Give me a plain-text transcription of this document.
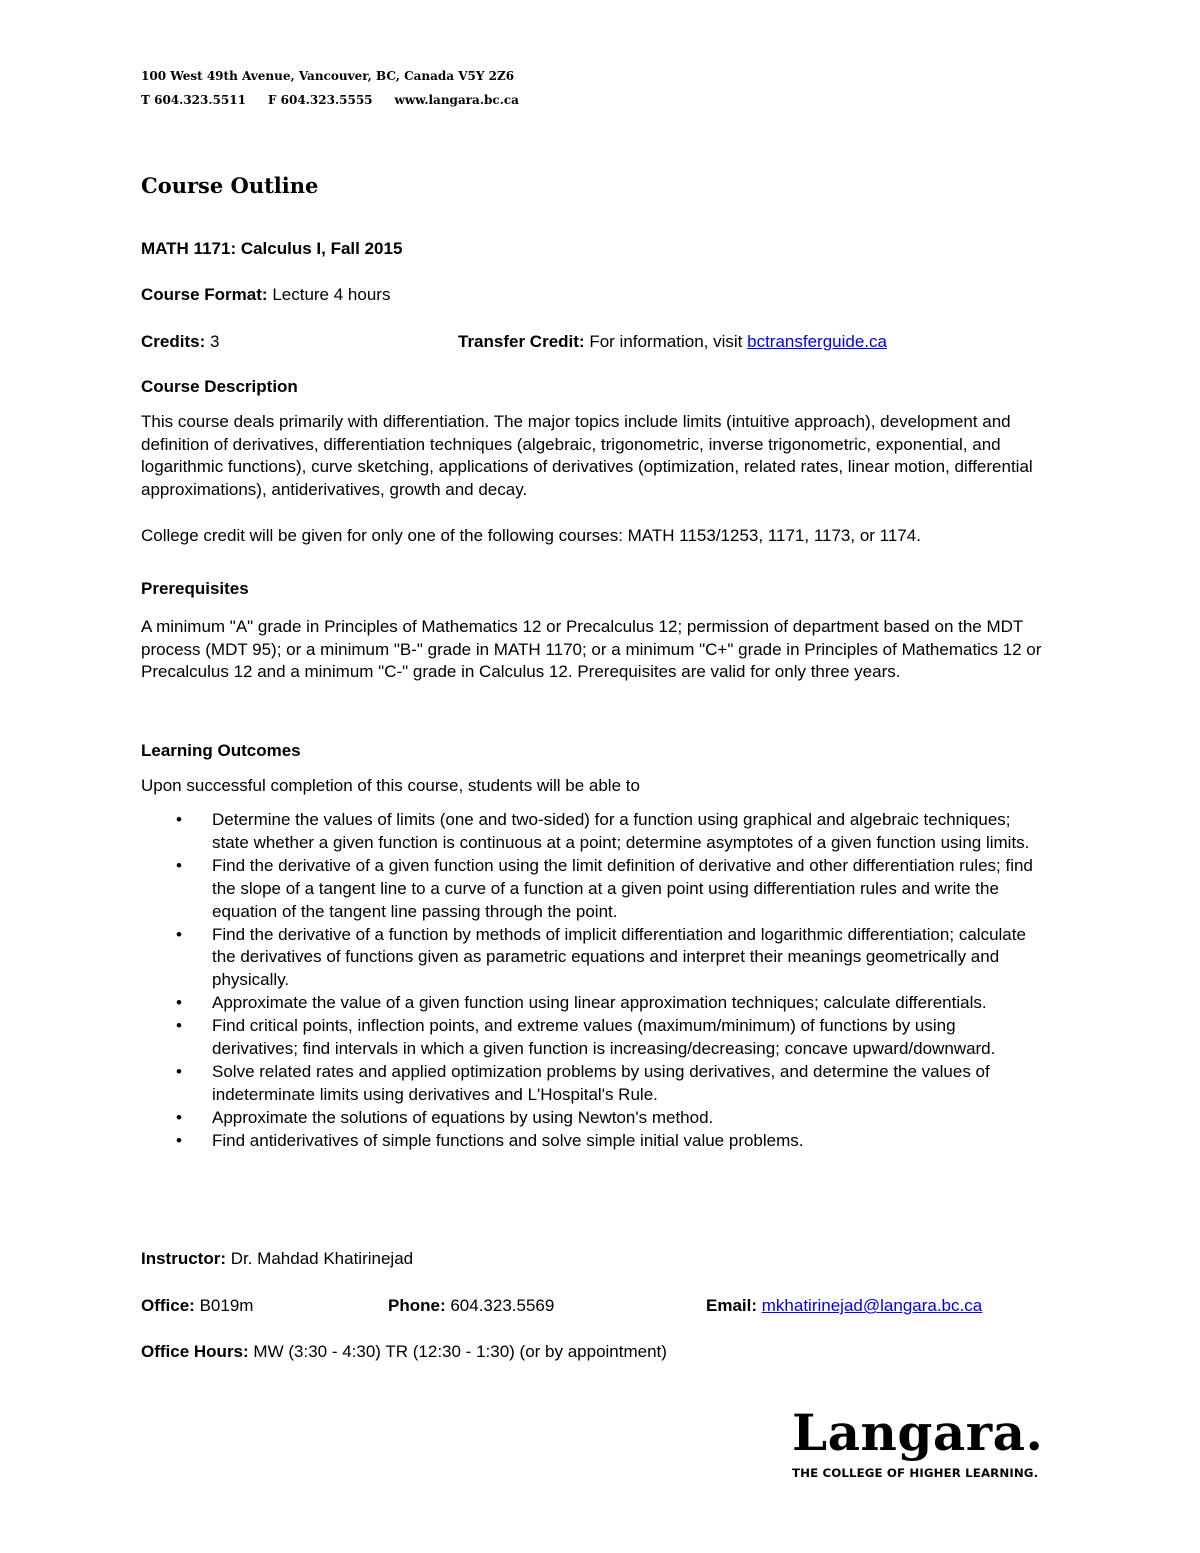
100 West 49th Avenue, Vancouver, BC, Canada V5Y 2Z6
T 604.323.5511 F 604.323.5555 www.langara.bc.ca
Course Outline
MATH 1171: Calculus I, Fall 2015
Course Format: Lecture 4 hours
Credits: 3	Transfer Credit: For information, visit bctransferguide.ca
Course Description
This course deals primarily with differentiation. The major topics include limits (intuitive approach), development and definition of derivatives, differentiation techniques (algebraic, trigonometric, inverse trigonometric, exponential, and logarithmic functions), curve sketching, applications of derivatives (optimization, related rates, linear motion, differential approximations), antiderivatives, growth and decay.
College credit will be given for only one of the following courses: MATH 1153/1253, 1171, 1173, or 1174.
Prerequisites
A minimum "A" grade in Principles of Mathematics 12 or Precalculus 12; permission of department based on the MDT process (MDT 95); or a minimum "B-" grade in MATH 1170; or a minimum "C+" grade in Principles of Mathematics 12 or Precalculus 12 and a minimum "C-" grade in Calculus 12. Prerequisites are valid for only three years.
Learning Outcomes
Upon successful completion of this course, students will be able to
• Determine the values of limits (one and two-sided) for a function using graphical and algebraic techniques; state whether a given function is continuous at a point; determine asymptotes of a given function using limits.
• Find the derivative of a given function using the limit definition of derivative and other differentiation rules; find the slope of a tangent line to a curve of a function at a given point using differentiation rules and write the equation of the tangent line passing through the point.
• Find the derivative of a function by methods of implicit differentiation and logarithmic differentiation; calculate the derivatives of functions given as parametric equations and interpret their meanings geometrically and physically.
• Approximate the value of a given function using linear approximation techniques; calculate differentials.
• Find critical points, inflection points, and extreme values (maximum/minimum) of functions by using derivatives; find intervals in which a given function is increasing/decreasing; concave upward/downward.
• Solve related rates and applied optimization problems by using derivatives, and determine the values of indeterminate limits using derivatives and L'Hospital's Rule.
• Approximate the solutions of equations by using Newton's method.
• Find antiderivatives of simple functions and solve simple initial value problems.
Instructor: Dr. Mahdad Khatirinejad
Office: B019m	Phone: 604.323.5569	Email: mkhatirinejad@langara.bc.ca
Office Hours: MW (3:30 - 4:30) TR (12:30 - 1:30) (or by appointment)
Langara.
THE COLLEGE OF HIGHER LEARNING.
